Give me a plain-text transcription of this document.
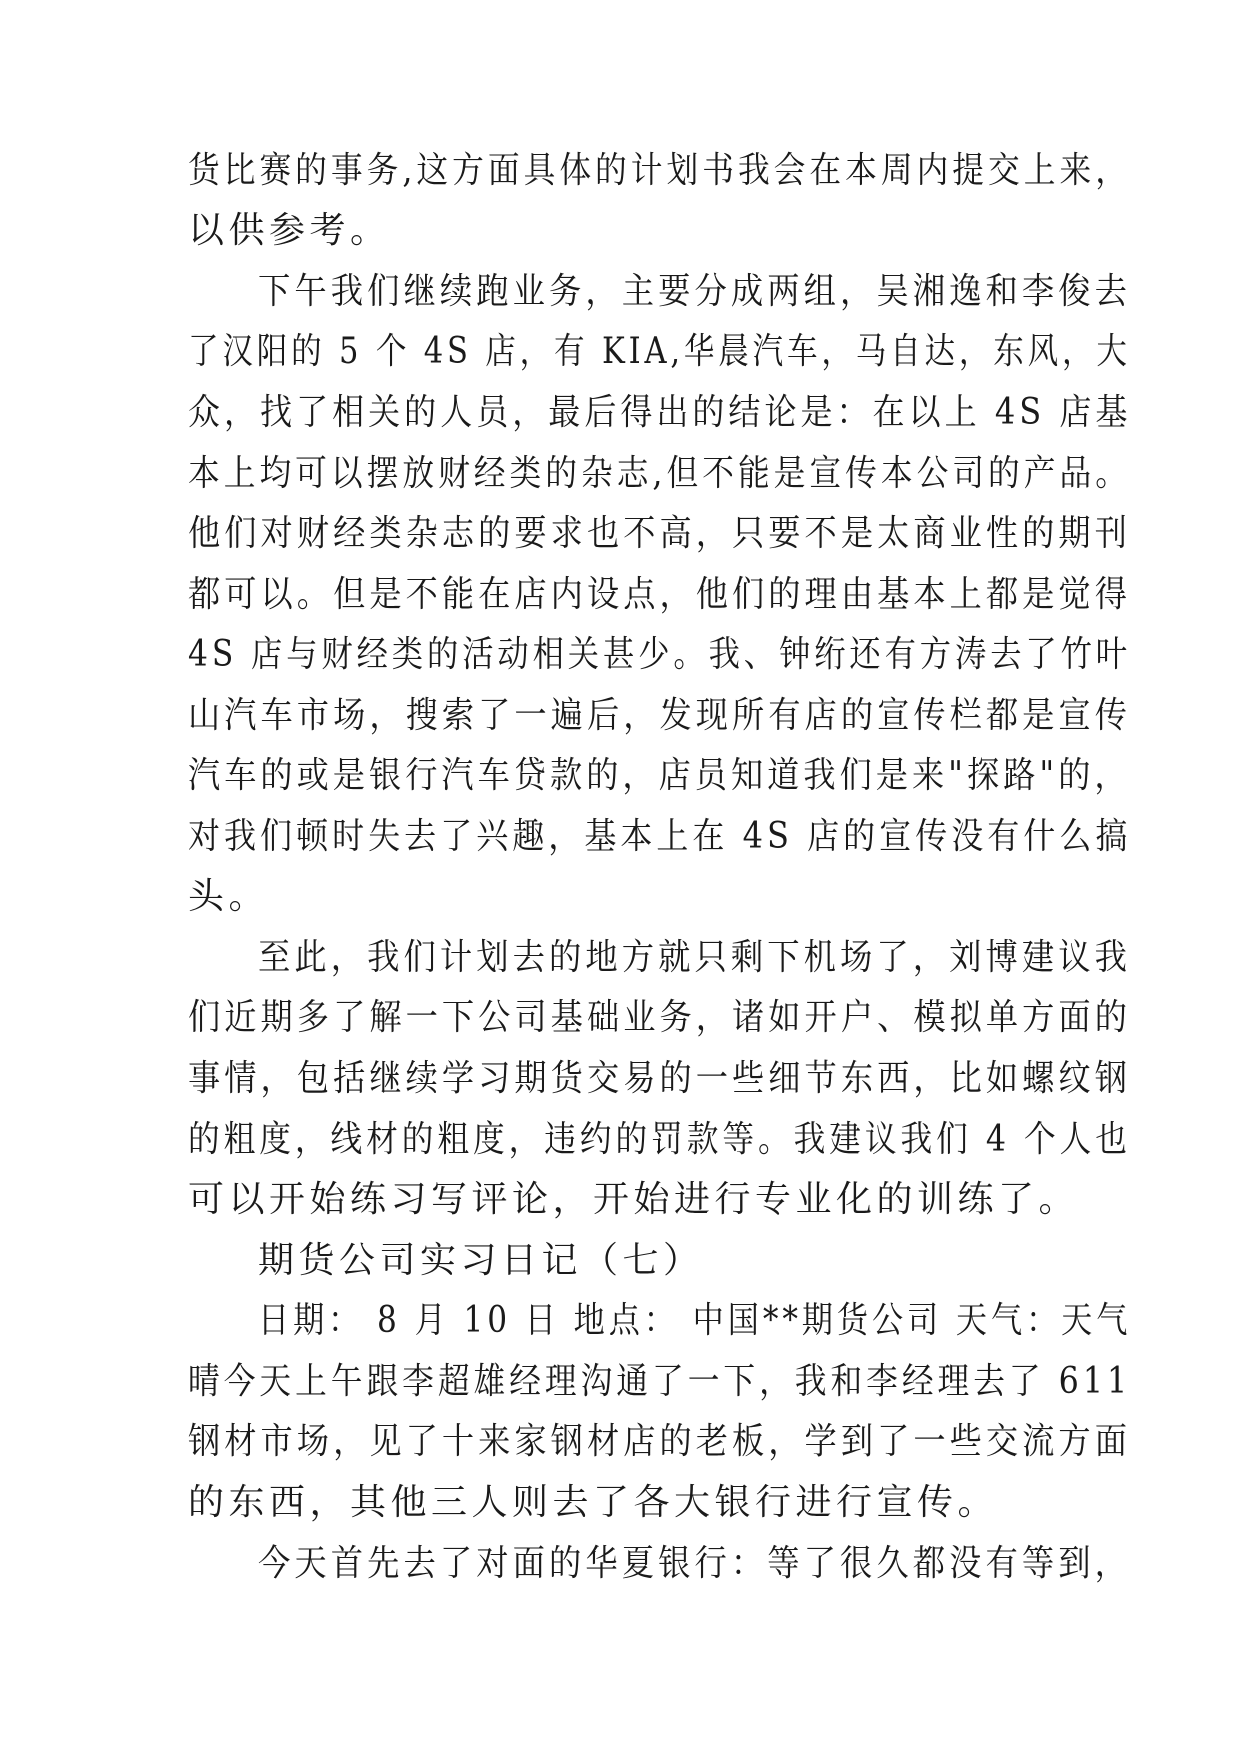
货比赛的事务,这方面具体的计划书我会在本周内提交上来，
以供参考。
下午我们继续跑业务，主要分成两组，吴湘逸和李俊去
了汉阳的 5 个 4S 店，有 KIA,华晨汽车，马自达，东风，大
众，找了相关的人员，最后得出的结论是：在以上 4S 店基
本上均可以摆放财经类的杂志,但不能是宣传本公司的产品。
他们对财经类杂志的要求也不高，只要不是太商业性的期刊
都可以。但是不能在店内设点，他们的理由基本上都是觉得
4S 店与财经类的活动相关甚少。我、钟绗还有方涛去了竹叶
山汽车市场，搜索了一遍后，发现所有店的宣传栏都是宣传
汽车的或是银行汽车贷款的，店员知道我们是来"探路"的，
对我们顿时失去了兴趣，基本上在 4S 店的宣传没有什么搞
头。
至此，我们计划去的地方就只剩下机场了，刘博建议我
们近期多了解一下公司基础业务，诸如开户、模拟单方面的
事情，包括继续学习期货交易的一些细节东西，比如螺纹钢
的粗度，线材的粗度，违约的罚款等。我建议我们 4 个人也
可以开始练习写评论，开始进行专业化的训练了。
期货公司实习日记（七）
日期： 8 月 10 日 地点： 中国**期货公司 天气：天气
晴今天上午跟李超雄经理沟通了一下，我和李经理去了 611
钢材市场，见了十来家钢材店的老板，学到了一些交流方面
的东西，其他三人则去了各大银行进行宣传。
今天首先去了对面的华夏银行：等了很久都没有等到，
